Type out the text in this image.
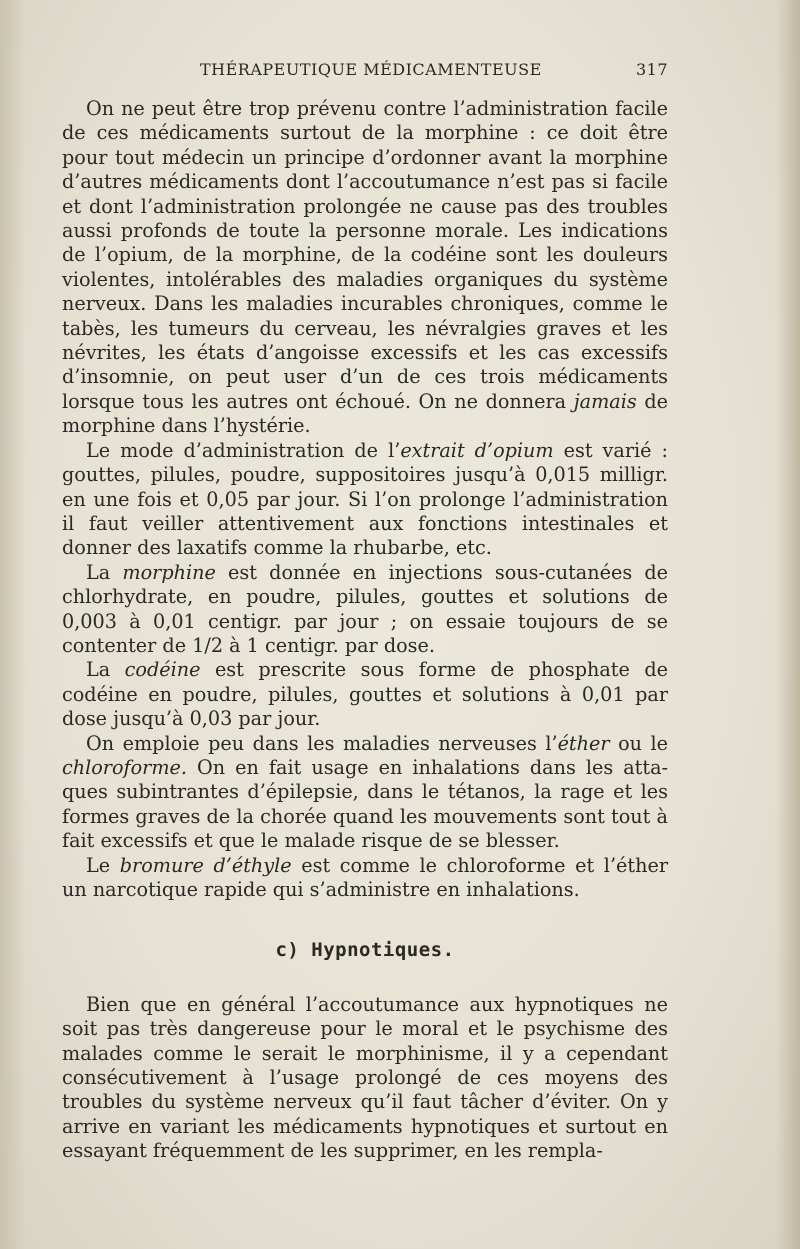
THÉRAPEUTIQUE MÉDICAMENTEUSE	317

On ne peut être trop prévenu contre l’administration facile de ces médicaments surtout de la morphine : ce doit être pour tout médecin un principe d’ordonner avant la morphine d’autres médicaments dont l’accoutumance n’est pas si facile et dont l’administration prolongée ne cause pas des troubles aussi profonds de toute la personne morale. Les indications de l’opium, de la morphine, de la codéine sont les douleurs violentes, intolérables des maladies organiques du système nerveux. Dans les maladies incurables chroniques, comme le tabès, les tumeurs du cerveau, les névralgies graves et les névrites, les états d’angoisse excessifs et les cas excessifs d’insomnie, on peut user d’un de ces trois médicaments lorsque tous les autres ont échoué. On ne donnera jamais de morphine dans l’hystérie.

Le mode d’administration de l’extrait d’opium est varié : gouttes, pilules, poudre, suppositoires jusqu’à 0,015 milligr. en une fois et 0,05 par jour. Si l’on prolonge l’administration il faut veiller attentivement aux fonctions intestinales et donner des laxatifs comme la rhubarbe, etc.

La morphine est donnée en injections sous-cutanées de chlorhydrate, en poudre, pilules, gouttes et solutions de 0,003 à 0,01 centigr. par jour ; on essaie toujours de se contenter de 1/2 à 1 centigr. par dose.

La codéine est prescrite sous forme de phosphate de codéine en poudre, pilules, gouttes et solutions à 0,01 par dose jusqu’à 0,03 par jour.

On emploie peu dans les maladies nerveuses l’éther ou le chloroforme. On en fait usage en inhalations dans les attaques subintrantes d’épilepsie, dans le tétanos, la rage et les formes graves de la chorée quand les mouvements sont tout à fait excessifs et que le malade risque de se blesser.

Le bromure d’éthyle est comme le chloroforme et l’éther un narcotique rapide qui s’administre en inhalations.

c) Hypnotiques.

Bien que en général l’accoutumance aux hypnotiques ne soit pas très dangereuse pour le moral et le psychisme des malades comme le serait le morphinisme, il y a cependant consécutivement à l’usage prolongé de ces moyens des troubles du système nerveux qu’il faut tâcher d’éviter. On y arrive en variant les médicaments hypnotiques et surtout en essayant fréquemment de les supprimer, en les rempla-
